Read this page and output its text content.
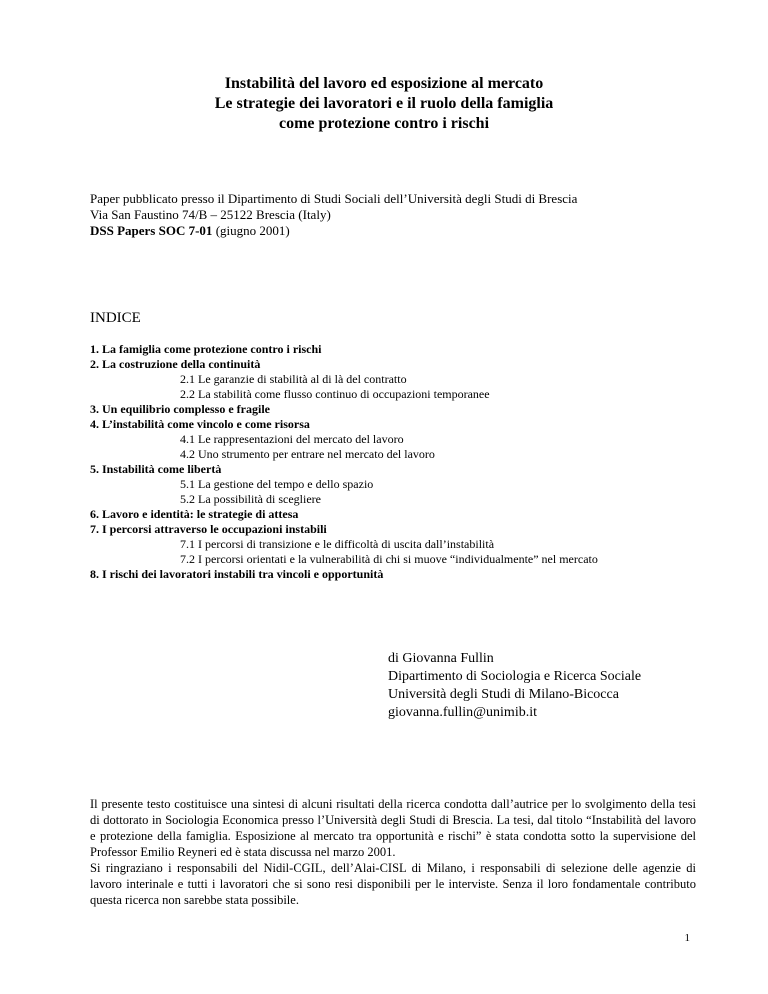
Instabilità del lavoro ed esposizione al mercato
Le strategie dei lavoratori e il ruolo della famiglia
come protezione contro i rischi
Paper pubblicato presso il Dipartimento di Studi Sociali dell’Università degli Studi di Brescia
Via San Faustino 74/B – 25122 Brescia (Italy)
DSS Papers SOC 7-01 (giugno 2001)
INDICE
1. La famiglia come protezione contro i rischi
2. La costruzione della continuità
2.1 Le garanzie di stabilità al di là del contratto
2.2 La stabilità come flusso continuo di occupazioni temporanee
3. Un equilibrio complesso e fragile
4. L’instabilità come vincolo e come risorsa
4.1 Le rappresentazioni del mercato del lavoro
4.2 Uno strumento per entrare nel mercato del lavoro
5. Instabilità come libertà
5.1 La gestione del tempo e dello spazio
5.2 La possibilità di scegliere
6. Lavoro e identità: le strategie di attesa
7. I percorsi attraverso le occupazioni instabili
7.1 I percorsi di transizione e le difficoltà di uscita dall’instabilità
7.2 I percorsi orientati e la vulnerabilità di chi si muove “individualmente” nel mercato
8. I rischi dei lavoratori instabili tra vincoli e opportunità
di Giovanna Fullin
Dipartimento di Sociologia e Ricerca Sociale
Università degli Studi di Milano-Bicocca
giovanna.fullin@unimib.it

Il presente testo costituisce una sintesi di alcuni risultati della ricerca condotta dall’autrice per lo svolgimento della tesi di dottorato in Sociologia Economica presso l’Università degli Studi di Brescia. La tesi, dal titolo “Instabilità del lavoro e protezione della famiglia. Esposizione al mercato tra opportunità e rischi” è stata condotta sotto la supervisione del Professor Emilio Reyneri ed è stata discussa nel marzo 2001.

Si ringraziano i responsabili del Nidil-CGIL, dell’Alai-CISL di Milano, i responsabili di selezione delle agenzie di lavoro interinale e tutti i lavoratori che si sono resi disponibili per le interviste. Senza il loro fondamentale contributo questa ricerca non sarebbe stata possibile.

1
